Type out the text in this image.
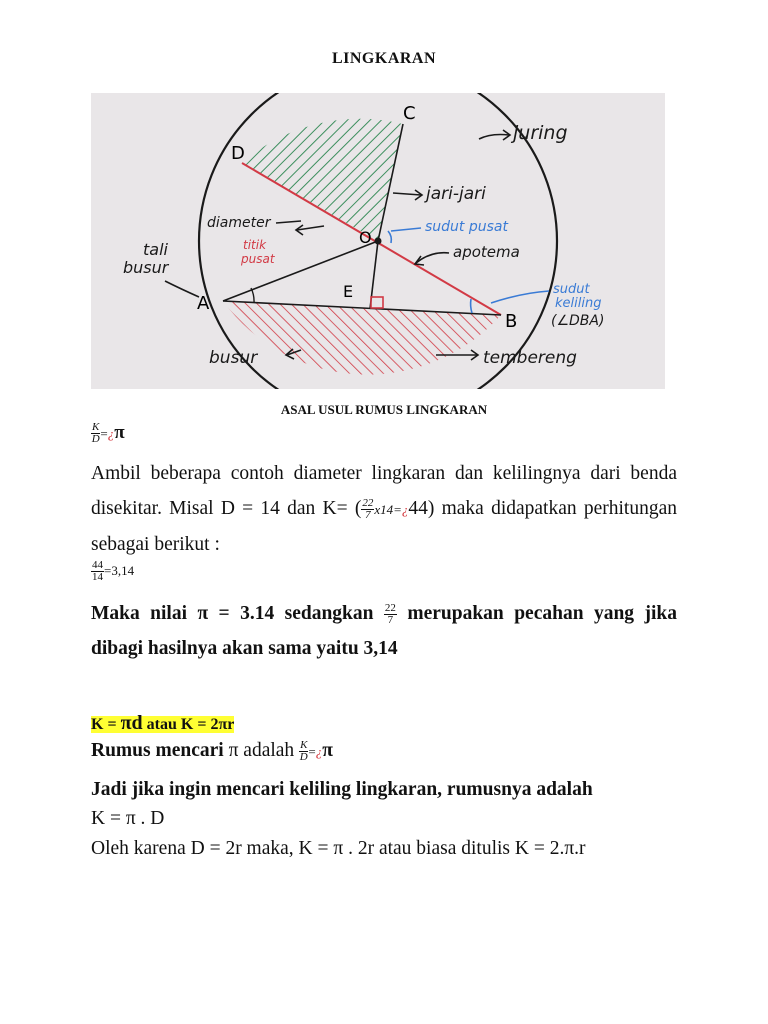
LINGKARAN
C
D
O
E
A
B
juring
jari-jari
diameter	sudut pusat
titik
pusat	apotema
tali
busur
sudut
keliling
(∠DBA)
busur	tembereng
ASAL USUL RUMUS LINGKARAN
$\frac{K}{D}$ =¿π
Ambil beberapa contoh diameter lingkaran dan kelilingnya dari benda disekitar. Misal D = 14 dan K= ( $\frac{22}{7}$ x14=¿44) maka didapatkan perhitungan sebagai berikut :
$\frac{44}{14} =3,14$
Maka nilai π = 3.14 sedangkan $\frac{22}{7}$ merupakan pecahan yang jika dibagi hasilnya akan sama yaitu 3,14
K = πd atau K = 2πr
Rumus mencari π adalah $\frac{K}{D}$ =¿π
Jadi jika ingin mencari keliling lingkaran, rumusnya adalah
K = π . D
Oleh karena D = 2r maka, K = π . 2r atau biasa ditulis K = 2.π.r
